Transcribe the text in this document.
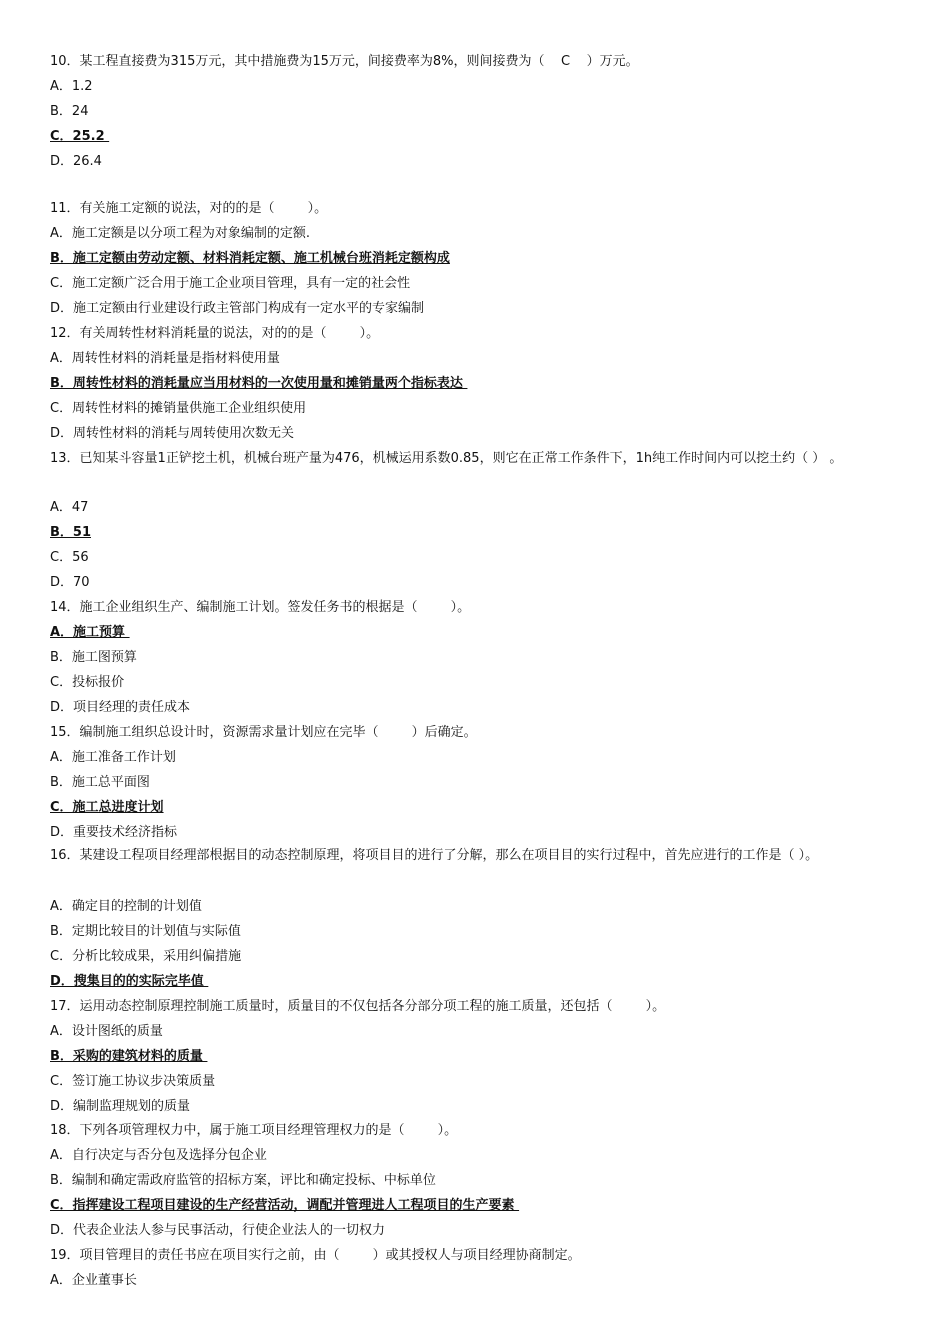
10．某工程直接费为315万元，其中措施费为15万元，间接费率为8%，则间接费为（    C    ）万元。
A．1.2
B．24
C．25.2
D．26.4
11．有关施工定额的说法，对的的是（        ）。
A．施工定额是以分项工程为对象编制的定额.
B．施工定额由劳动定额、材料消耗定额、施工机械台班消耗定额构成
C．施工定额广泛合用于施工企业项目管理，具有一定的社会性
D．施工定额由行业建设行政主管部门构成有一定水平的专家编制
12．有关周转性材料消耗量的说法，对的的是（        ）。
A．周转性材料的消耗量是指材料使用量
B．周转性材料的消耗量应当用材料的一次使用量和摊销量两个指标表达
C．周转性材料的摊销量供施工企业组织使用
D．周转性材料的消耗与周转使用次数无关
13．已知某斗容量1正铲挖土机，机械台班产量为476，机械运用系数0.85，则它在正常工作条件下，1h纯工作时间内可以挖土约（ ） 。
A．47
B．51
C．56
D．70
14．施工企业组织生产、编制施工计划。签发任务书的根据是（        ）。
A．施工预算
B．施工图预算
C．投标报价
D．项目经理的责任成本
15．编制施工组织总设计时，资源需求量计划应在完毕（        ）后确定。
A．施工准备工作计划
B．施工总平面图
C．施工总进度计划
D．重要技术经济指标
16．某建设工程项目经理部根据目的动态控制原理，将项目目的进行了分解，那么在项目目的实行过程中，首先应进行的工作是（ ）。
A．确定目的控制的计划值
B．定期比较目的计划值与实际值
C．分析比较成果，采用纠偏措施
D．搜集目的的实际完毕值
17．运用动态控制原理控制施工质量时，质量目的不仅包括各分部分项工程的施工质量，还包括（        ）。
A．设计图纸的质量
B．采购的建筑材料的质量
C．签订施工协议步决策质量
D．编制监理规划的质量
18．下列各项管理权力中，属于施工项目经理管理权力的是（        ）。
A．自行决定与否分包及选择分包企业
B．编制和确定需政府监管的招标方案，评比和确定投标、中标单位
C．指挥建设工程项目建设的生产经营活动，调配并管理进人工程项目的生产要素
D．代表企业法人参与民事活动，行使企业法人的一切权力
19．项目管理目的责任书应在项目实行之前，由（        ）或其授权人与项目经理协商制定。
A．企业董事长
